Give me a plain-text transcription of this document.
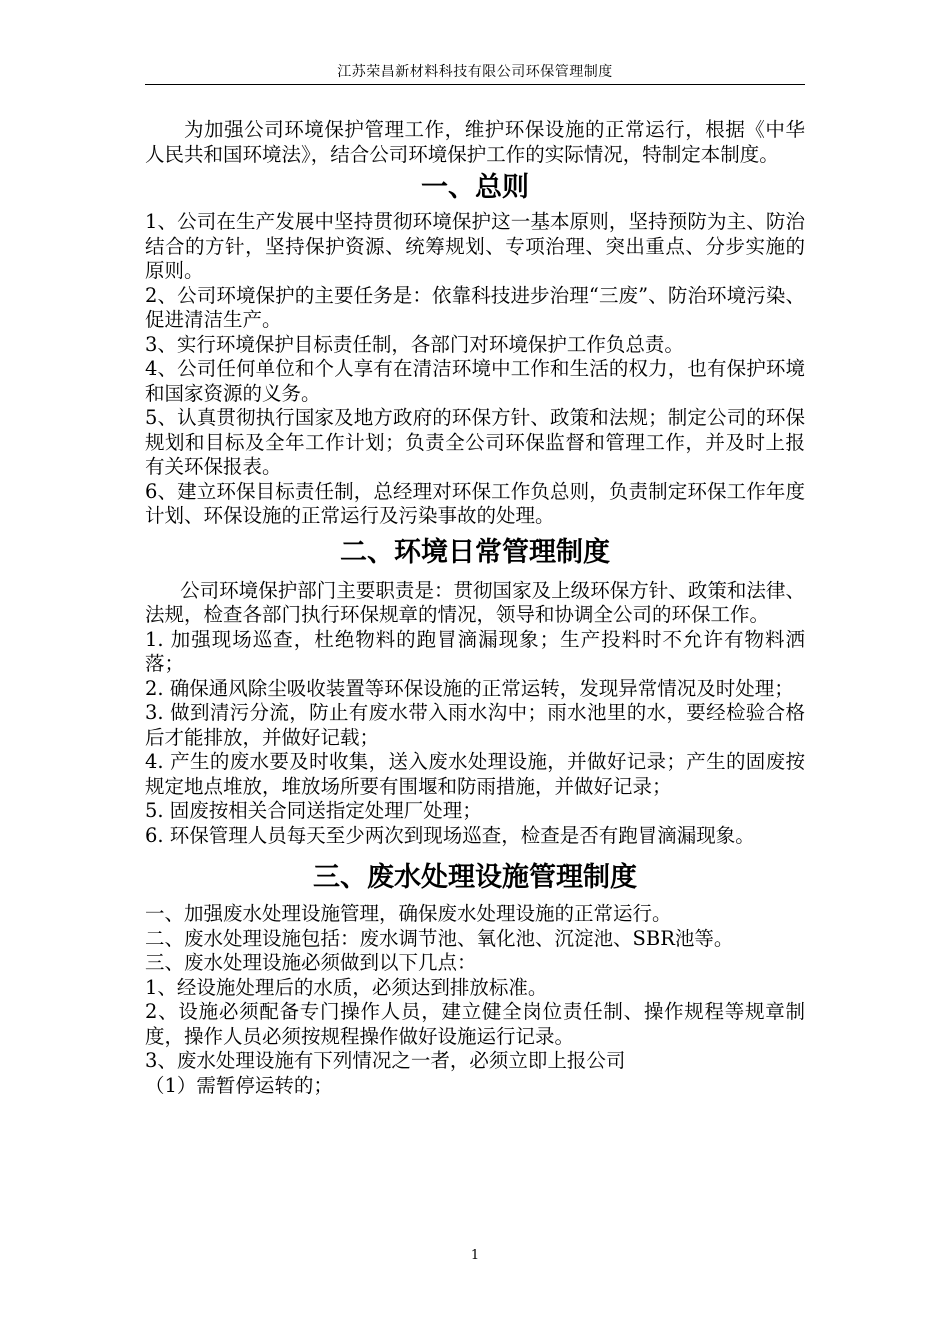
江苏荣昌新材料科技有限公司环保管理制度

为加强公司环境保护管理工作，维护环保设施的正常运行，根据《中华人民共和国环境法》，结合公司环境保护工作的实际情况，特制定本制度。

一、总则

1、公司在生产发展中坚持贯彻环境保护这一基本原则，坚持预防为主、防治结合的方针，坚持保护资源、统筹规划、专项治理、突出重点、分步实施的原则。

2、公司环境保护的主要任务是：依靠科技进步治理“三废”、防治环境污染、促进清洁生产。

3、实行环境保护目标责任制，各部门对环境保护工作负总责。

4、公司任何单位和个人享有在清洁环境中工作和生活的权力，也有保护环境和国家资源的义务。

5、认真贯彻执行国家及地方政府的环保方针、政策和法规；制定公司的环保规划和目标及全年工作计划；负责全公司环保监督和管理工作，并及时上报有关环保报表。

6、建立环保目标责任制，总经理对环保工作负总则，负责制定环保工作年度计划、环保设施的正常运行及污染事故的处理。

二、环境日常管理制度

公司环境保护部门主要职责是：贯彻国家及上级环保方针、政策和法律、法规，检查各部门执行环保规章的情况，领导和协调全公司的环保工作。

1. 加强现场巡查，杜绝物料的跑冒滴漏现象；生产投料时不允许有物料洒落；

2. 确保通风除尘吸收装置等环保设施的正常运转，发现异常情况及时处理；

3. 做到清污分流，防止有废水带入雨水沟中；雨水池里的水，要经检验合格后才能排放，并做好记载；

4. 产生的废水要及时收集，送入废水处理设施，并做好记录；产生的固废按规定地点堆放，堆放场所要有围堰和防雨措施，并做好记录；

5. 固废按相关合同送指定处理厂处理；

6. 环保管理人员每天至少两次到现场巡查，检查是否有跑冒滴漏现象。

三、废水处理设施管理制度

一、加强废水处理设施管理，确保废水处理设施的正常运行。

二、废水处理设施包括：废水调节池、氧化池、沉淀池、SBR池等。

三、废水处理设施必须做到以下几点：

1、经设施处理后的水质，必须达到排放标准。

2、设施必须配备专门操作人员，建立健全岗位责任制、操作规程等规章制度，操作人员必须按规程操作做好设施运行记录。

3、废水处理设施有下列情况之一者，必须立即上报公司

（1）需暂停运转的；

1
